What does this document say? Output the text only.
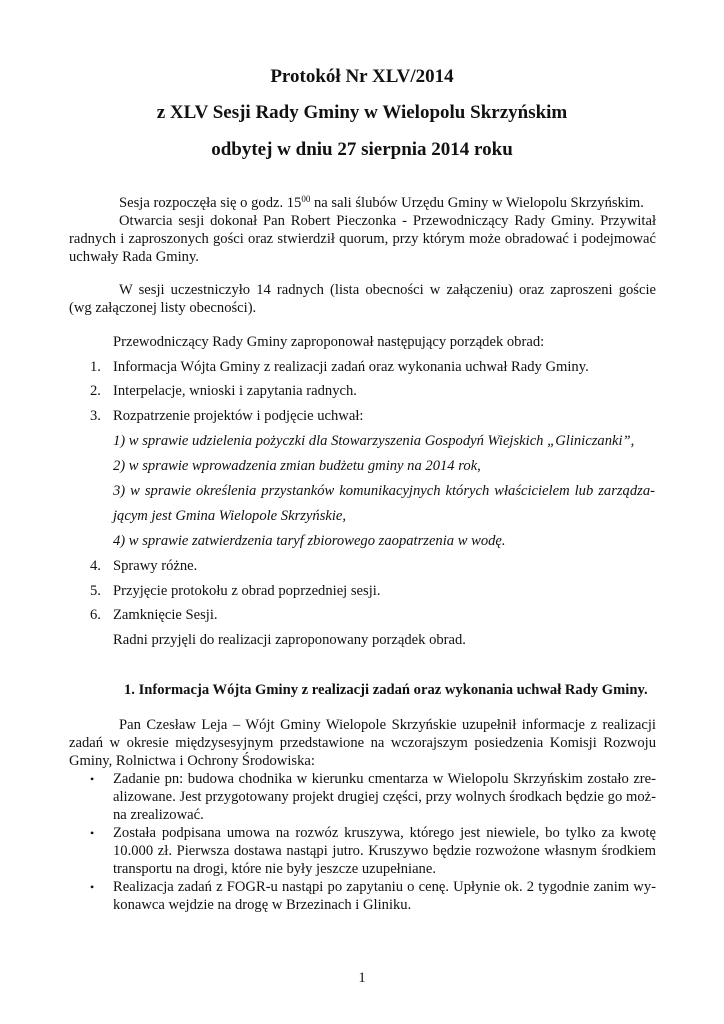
Protokół Nr XLV/2014
z XLV Sesji Rady Gminy w Wielopolu Skrzyńskim
odbytej w dniu 27 sierpnia 2014 roku
Sesja rozpoczęła się o godz. $15^{00}$ na sali ślubów Urzędu Gminy w Wielopolu Skrzyńskim.
Otwarcia sesji dokonał Pan Robert Pieczonka - Przewodniczący Rady Gminy. Przywitał
radnych i zaproszonych gości oraz stwierdził quorum, przy którym może obradować i podejmować
uchwały Rada Gminy.
W sesji uczestniczyło 14 radnych (lista obecności w załączeniu) oraz zaproszeni goście
(wg załączonej listy obecności).
Przewodniczący Rady Gminy zaproponował następujący porządek obrad:
1. Informacja Wójta Gminy z realizacji zadań oraz wykonania uchwał Rady Gminy.
2. Interpelacje, wnioski i zapytania radnych.
3. Rozpatrzenie projektów i podjęcie uchwał:
1) w sprawie udzielenia pożyczki dla Stowarzyszenia Gospodyń Wiejskich „Gliniczanki”,
2) w sprawie wprowadzenia zmian budżetu gminy na 2014 rok,
3) w sprawie określenia przystanków komunikacyjnych których właścicielem lub zarządza-
jącym jest Gmina Wielopole Skrzyńskie,
4) w sprawie zatwierdzenia taryf zbiorowego zaopatrzenia w wodę.
4. Sprawy różne.
5. Przyjęcie protokołu z obrad poprzedniej sesji.
6. Zamknięcie Sesji.
Radni przyjęli do realizacji zaproponowany porządek obrad.
1. Informacja Wójta Gminy z realizacji zadań oraz wykonania uchwał Rady Gminy.
Pan Czesław Leja – Wójt Gminy Wielopole Skrzyńskie uzupełnił informacje z realizacji
zadań w okresie międzysesyjnym przedstawione na wczorajszym posiedzenia Komisji Rozwoju
Gminy, Rolnictwa i Ochrony Środowiska:
• Zadanie pn: budowa chodnika w kierunku cmentarza w Wielopolu Skrzyńskim zostało zre-
alizowane. Jest przygotowany projekt drugiej części, przy wolnych środkach będzie go moż-
na zrealizować.
• Została podpisana umowa na rozwóz kruszywa, którego jest niewiele, bo tylko za kwotę
10.000 zł. Pierwsza dostawa nastąpi jutro. Kruszywo będzie rozwożone własnym środkiem
transportu na drogi, które nie były jeszcze uzupełniane.
• Realizacja zadań z FOGR-u nastąpi po zapytaniu o cenę. Upłynie ok. 2 tygodnie zanim wy-
konawca wejdzie na drogę w Brzezinach i Gliniku.
1
